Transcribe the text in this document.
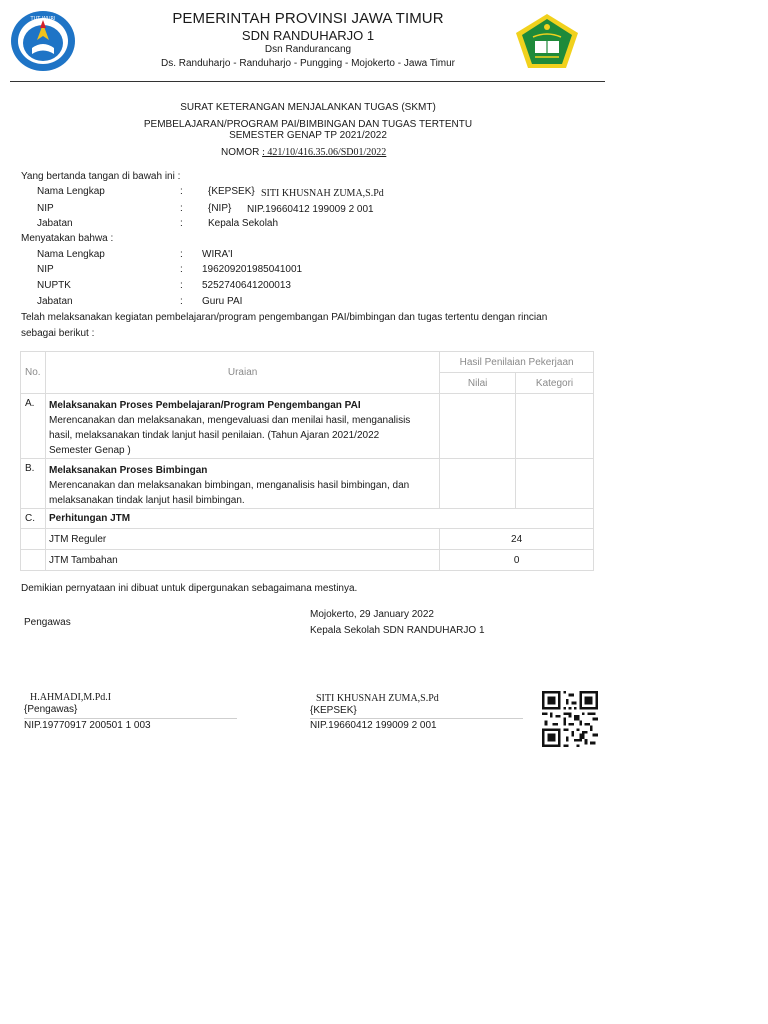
TUT WURI	PEMERINTAH PROVINSI JAWA TIMUR
SDN RANDUHARJO 1
Dsn Randurancang
Ds. Randuharjo - Randuharjo - Pungging - Mojokerto - Jawa Timur
SURAT KETERANGAN MENJALANKAN TUGAS (SKMT)
PEMBELAJARAN/PROGRAM PAI/BIMBINGAN DAN TUGAS TERTENTU
SEMESTER GENAP TP 2021/2022
NOMOR : 421/10/416.35.06/SD01/2022
Yang bertanda tangan di bawah ini :
Nama Lengkap	:	{KEPSEK} SITI KHUSNAH ZUMA,S.Pd
NIP	:	{NIP} NIP.19660412 199009 2 001
Jabatan	:	Kepala Sekolah
Menyatakan bahwa :
Nama Lengkap	: WIRA'I
NIP	: 196209201985041001
NUPTK	: 5252740641200013
Jabatan	: Guru PAI
Telah melaksanakan kegiatan pembelajaran/program pengembangan PAI/bimbingan dan tugas tertentu dengan rincian
sebagai berikut :
No.	Uraian	Hasil Penilaian Pekerjaan	
		Nilai	Kategori
A.	Melaksanakan Proses Pembelajaran/Program Pengembangan PAI
Merencanakan dan melaksanakan, mengevaluasi dan menilai hasil, menganalisis
hasil, melaksanakan tindak lanjut hasil penilaian. (Tahun Ajaran 2021/2022
Semester Genap )		

B.	Melaksanakan Proses Bimbingan
Merencanakan dan melaksanakan bimbingan, menganalisis hasil bimbingan, dan
melaksanakan tindak lanjut hasil bimbingan.		

C.	Perhitungan JTM		
	JTM Reguler	24	
	JTM Tambahan	0	
Demikian pernyataan ini dibuat untuk dipergunakan sebagaimana mestinya.
Pengawas
Mojokerto, 29 January 2022
Kepala Sekolah SDN RANDUHARJO 1
H.AHMADI,M.Pd.I
{Pengawas}
NIP.19770917 200501 1 003
SITI KHUSNAH ZUMA,S.Pd
{KEPSEK}
NIP.19660412 199009 2 001
